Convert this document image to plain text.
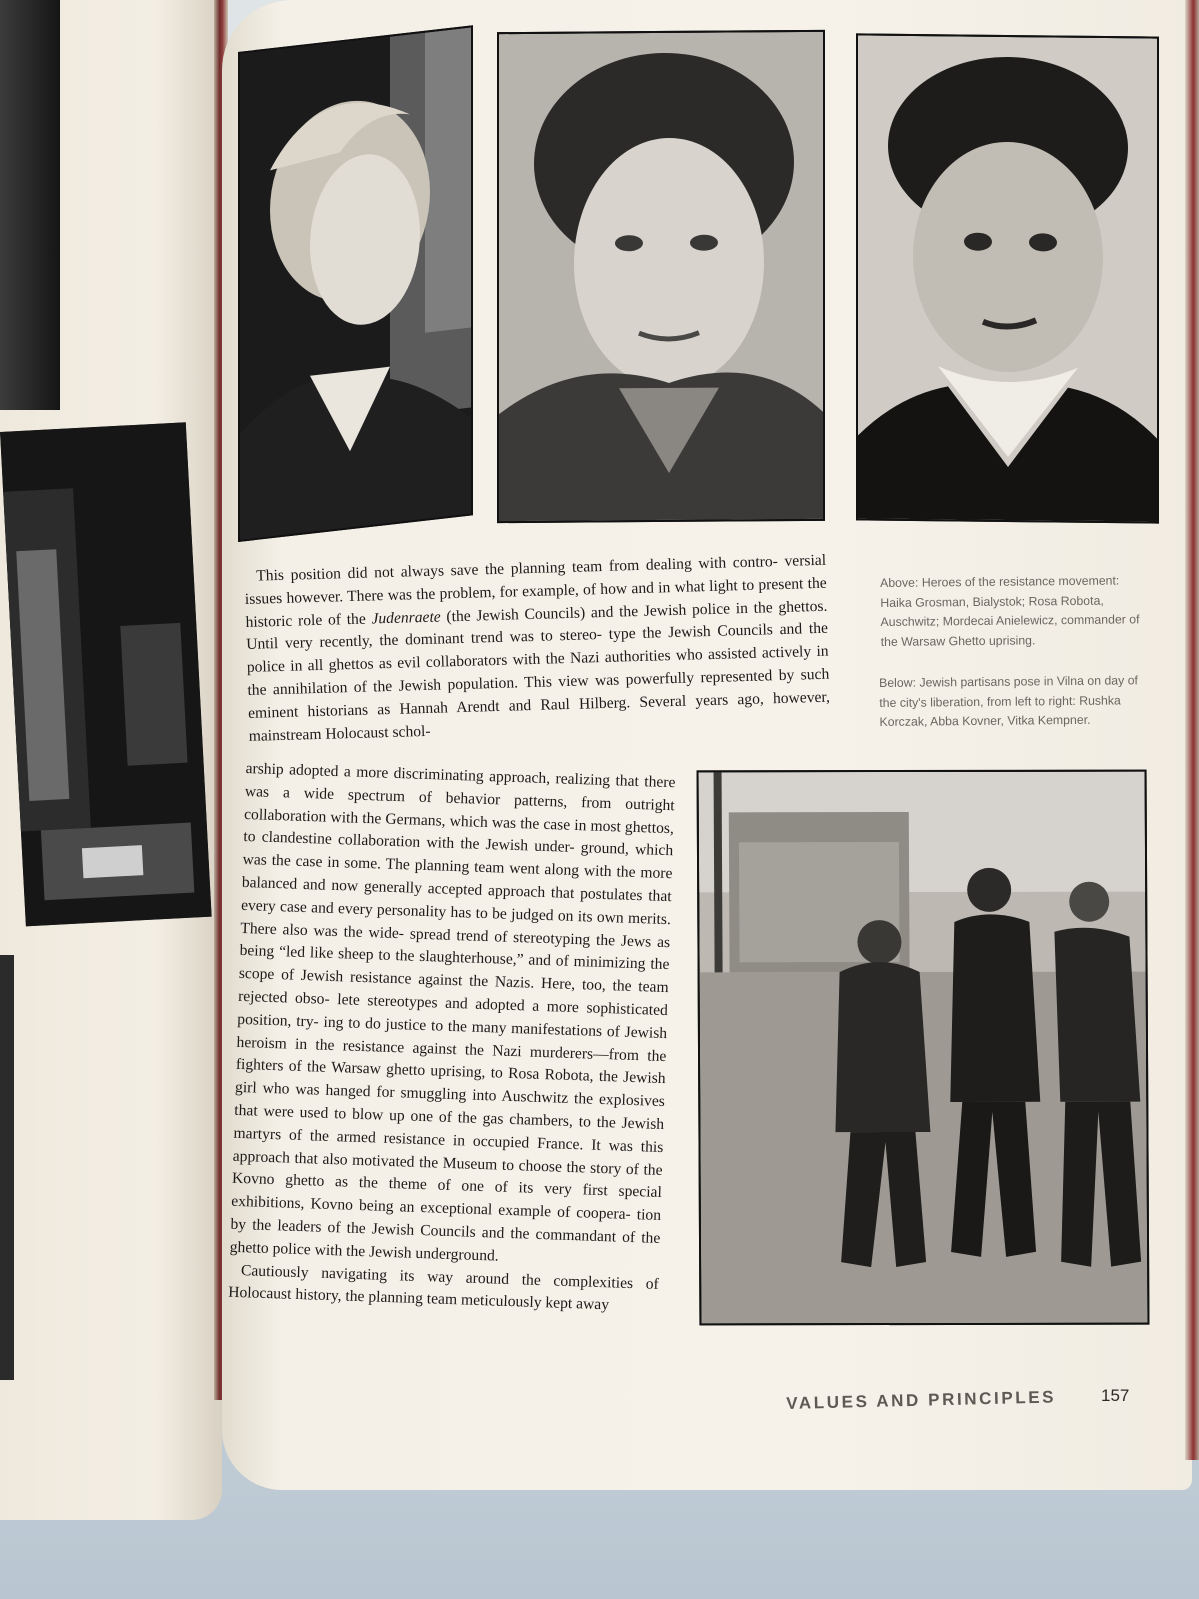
This position did not always save the planning team from dealing with contro- versial issues however. There was the problem, for example, of how and in what light to present the historic role of the Judenraete (the Jewish Councils) and the Jewish police in the ghettos. Until very recently, the dominant trend was to stereo- type the Jewish Councils and the police in all ghettos as evil collaborators with the Nazi authorities who assisted actively in the annihilation of the Jewish population. This view was powerfully represented by such eminent historians as Hannah Arendt and Raul Hilberg. Several years ago, however, mainstream Holocaust schol-

arship adopted a more discriminating approach, realizing that there was a wide spectrum of behavior patterns, from outright collaboration with the Germans, which was the case in most ghettos, to clandestine collaboration with the Jewish under- ground, which was the case in some. The planning team went along with the more balanced and now generally accepted approach that postulates that every case and every personality has to be judged on its own merits. There also was the wide- spread trend of stereotyping the Jews as being “led like sheep to the slaughterhouse,” and of minimizing the scope of Jewish resistance against the Nazis. Here, too, the team rejected obso- lete stereotypes and adopted a more sophisticated position, try- ing to do justice to the many manifestations of Jewish heroism in the resistance against the Nazi murderers—from the fighters of the Warsaw ghetto uprising, to Rosa Robota, the Jewish girl who was hanged for smuggling into Auschwitz the explosives that were used to blow up one of the gas chambers, to the Jewish martyrs of the armed resistance in occupied France. It was this approach that also motivated the Museum to choose the story of the Kovno ghetto as the theme of one of its very first special exhibitions, Kovno being an exceptional example of coopera- tion by the leaders of the Jewish Councils and the commandant of the ghetto police with the Jewish underground.

Cautiously navigating its way around the complexities of Holocaust history, the planning team meticulously kept away

Above: Heroes of the resistance movement: Haika Grosman, Bialystok; Rosa Robota, Auschwitz; Mordecai Anielewicz, commander of the Warsaw Ghetto uprising.
Below: Jewish partisans pose in Vilna on day of the city's liberation, from left to right: Rushka Korczak, Abba Kovner, Vitka Kempner.
VALUES AND PRINCIPLES	157
